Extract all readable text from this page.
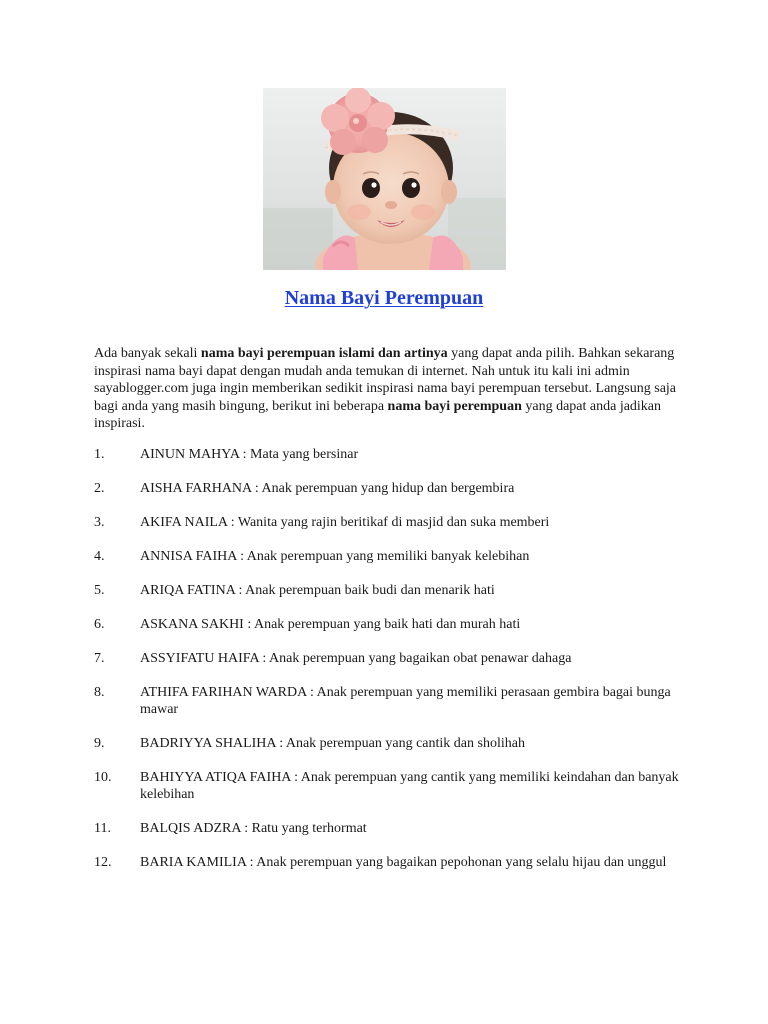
Nama Bayi Perempuan

Ada banyak sekali nama bayi perempuan islami dan artinya yang dapat anda pilih. Bahkan sekarang inspirasi nama bayi dapat dengan mudah anda temukan di internet. Nah untuk itu kali ini admin sayablogger.com juga ingin memberikan sedikit inspirasi nama bayi perempuan tersebut. Langsung saja bagi anda yang masih bingung, berikut ini beberapa nama bayi perempuan yang dapat anda jadikan inspirasi.

1.	AINUN MAHYA : Mata yang bersinar
2.	AISHA FARHANA : Anak perempuan yang hidup dan bergembira
3.	AKIFA NAILA : Wanita yang rajin beritikaf di masjid dan suka memberi
4.	ANNISA FAIHA : Anak perempuan yang memiliki banyak kelebihan
5.	ARIQA FATINA : Anak perempuan baik budi dan menarik hati
6.	ASKANA SAKHI : Anak perempuan yang baik hati dan murah hati
7.	ASSYIFATU HAIFA : Anak perempuan yang bagaikan obat penawar dahaga
8.	ATHIFA FARIHAN WARDA : Anak perempuan yang memiliki perasaan gembira bagai bunga mawar
9.	BADRIYYA SHALIHA : Anak perempuan yang cantik dan sholihah
10.	BAHIYYA ATIQA FAIHA : Anak perempuan yang cantik yang memiliki keindahan dan banyak kelebihan
11.	BALQIS ADZRA : Ratu yang terhormat
12.	BARIA KAMILIA : Anak perempuan yang bagaikan pepohonan yang selalu hijau dan unggul
